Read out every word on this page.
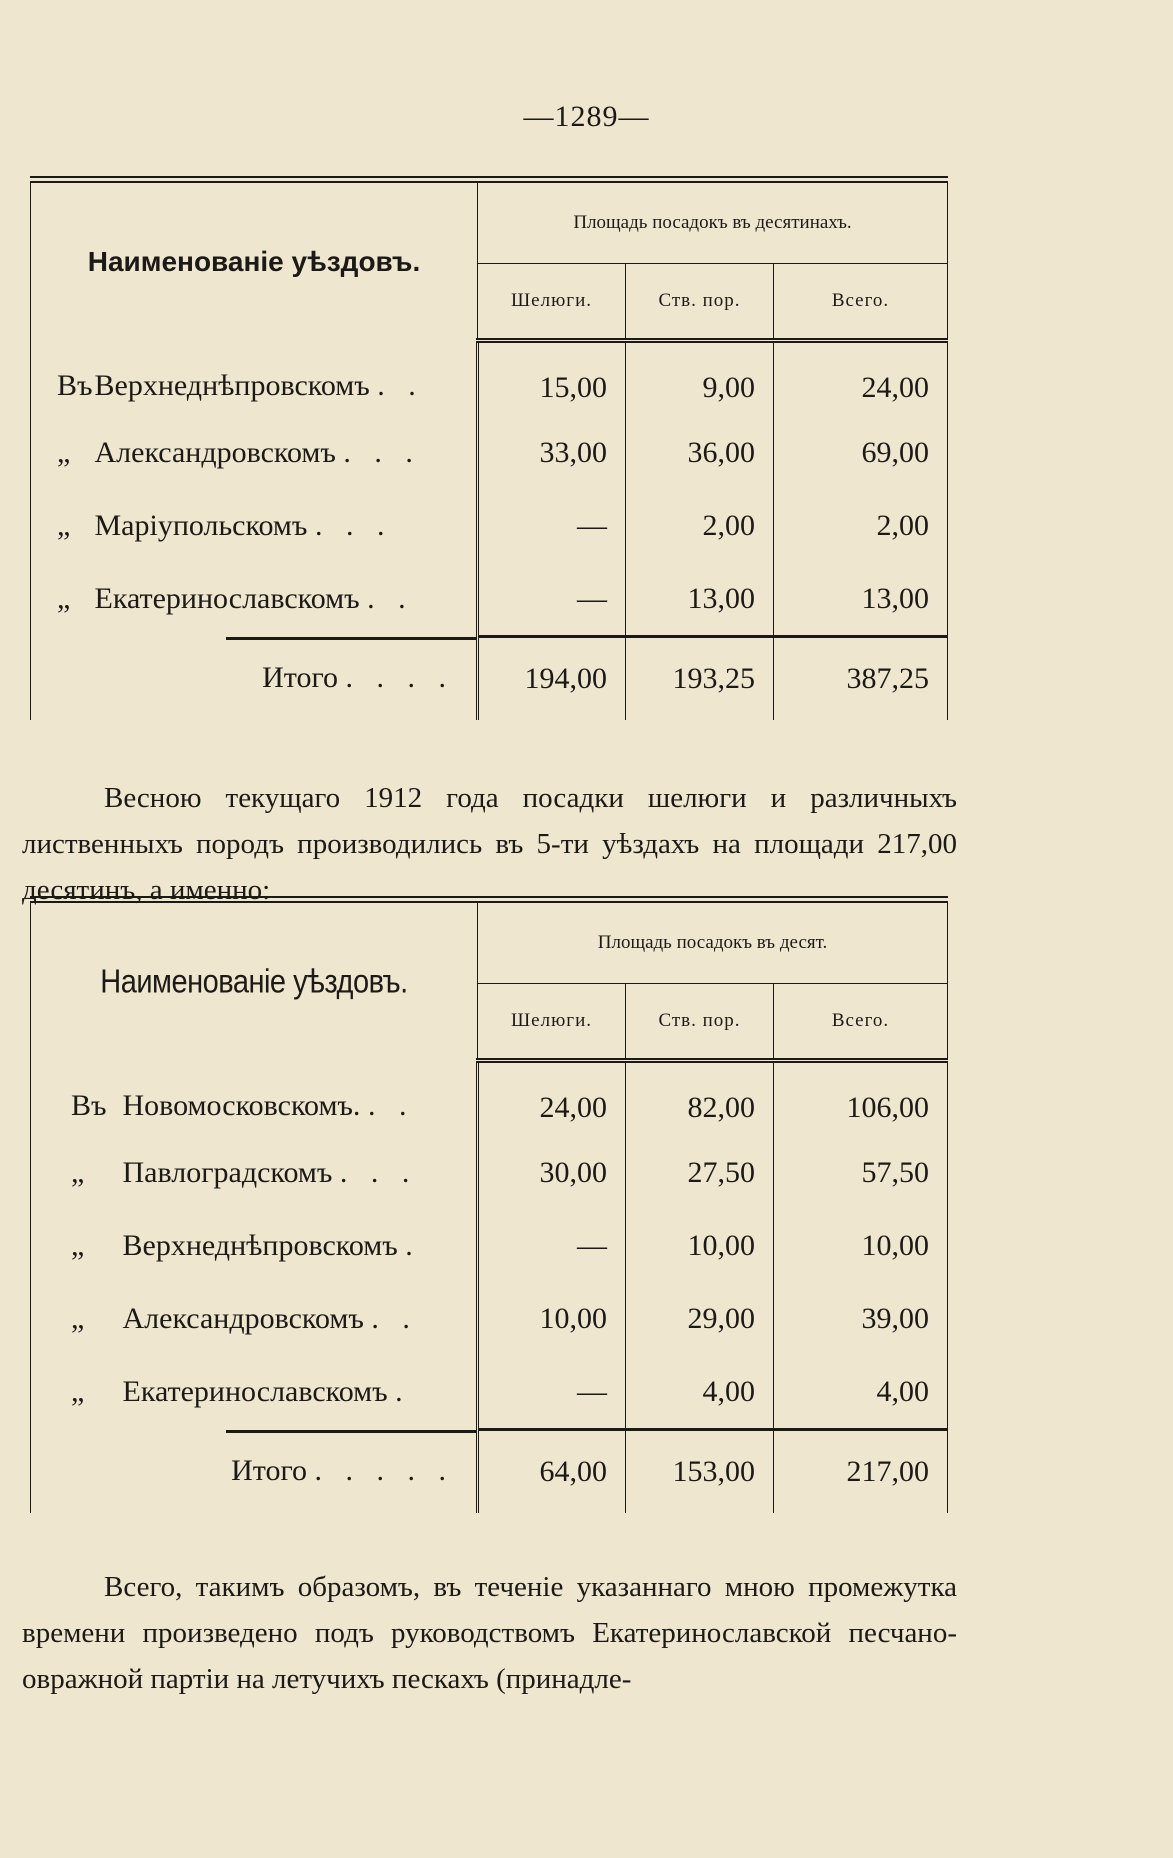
—1289—
Наименованіе уѣздовъ.	Площадь посадокъ въ десятинахъ.		
	Шелюги.	Ств. пор.	Всего.
Въ Верхнеднѣпровскомъ . .	15,00	9,00	24,00
„ Александровскомъ . . .	33,00	36,00	69,00
„ Маріупольскомъ . . .	—	2,00	2,00
„ Екатеринославскомъ . .	—	13,00	13,00

Итого . . . .	194,00	193,25	387,25

Весною текущаго 1912 года посадки шелюги и различныхъ лиственныхъ породъ производились въ 5-ти уѣздахъ на площади 217,00 десятинъ, а именно:

Наименованіе уѣздовъ.	Площадь посадокъ въ десят.		
	Шелюги.	Ств. пор.	Всего.
Въ Новомосковскомъ. . .	24,00	82,00	106,00
„ Павлоградскомъ . . .	30,00	27,50	57,50
„ Верхнеднѣпровскомъ .	—	10,00	10,00
„ Александровскомъ . .	10,00	29,00	39,00
„ Екатеринославскомъ .	—	4,00	4,00

Итого . . . . .	64,00	153,00	217,00

Всего, такимъ образомъ, въ теченіе указаннаго мною промежутка времени произведено подъ руководствомъ Екатеринославской песчано-овражной партіи на летучихъ пескахъ (принадле-
